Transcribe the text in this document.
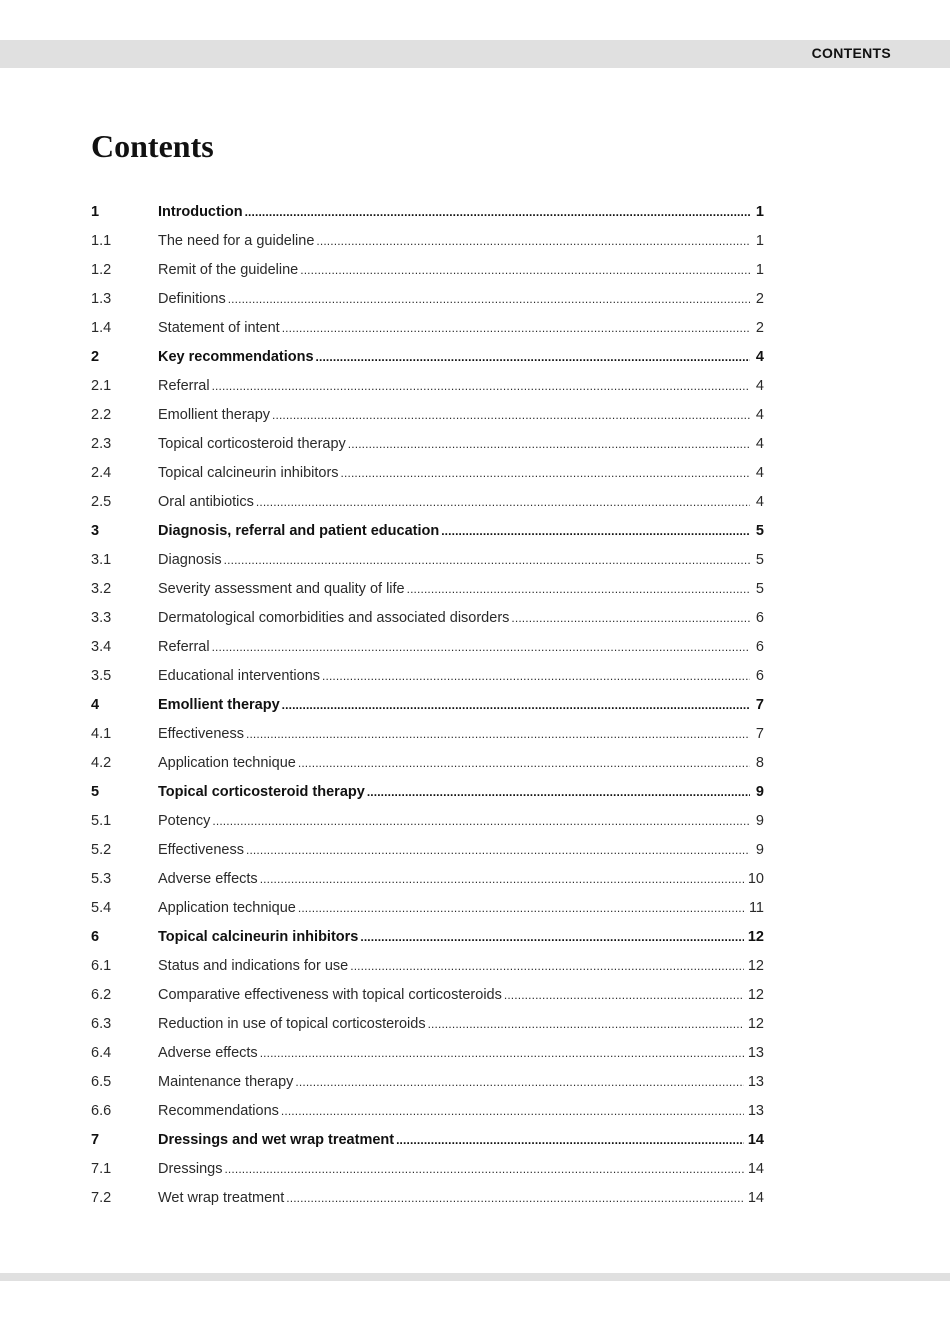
CONTENTS
Contents
1	Introduction . . .	1
1.1	The need for a guideline . . .	1
1.2	Remit of the guideline . . .	1
1.3	Definitions . . .	2
1.4	Statement of intent . . .	2
2	Key recommendations . . .	4
2.1	Referral . . .	4
2.2	Emollient therapy . . .	4
2.3	Topical corticosteroid therapy . . .	4
2.4	Topical calcineurin inhibitors . . .	4
2.5	Oral antibiotics . . .	4
3	Diagnosis, referral and patient education . . .	5
3.1	Diagnosis . . .	5
3.2	Severity assessment and quality of life . . .	5
3.3	Dermatological comorbidities and associated disorders . . .	6
3.4	Referral . . .	6
3.5	Educational interventions . . .	6
4	Emollient therapy . . .	7
4.1	Effectiveness . . .	7
4.2	Application technique . . .	8
5	Topical corticosteroid therapy . . .	9
5.1	Potency . . .	9
5.2	Effectiveness . . .	9
5.3	Adverse effects . . .	10
5.4	Application technique . . .	11
6	Topical calcineurin inhibitors . . .	12
6.1	Status and indications for use . . .	12
6.2	Comparative effectiveness with topical corticosteroids . . .	12
6.3	Reduction in use of topical corticosteroids . . .	12
6.4	Adverse effects . . .	13
6.5	Maintenance therapy . . .	13
6.6	Recommendations . . .	13
7	Dressings and wet wrap treatment . . .	14
7.1	Dressings . . .	14
7.2	Wet wrap treatment . . .	14
